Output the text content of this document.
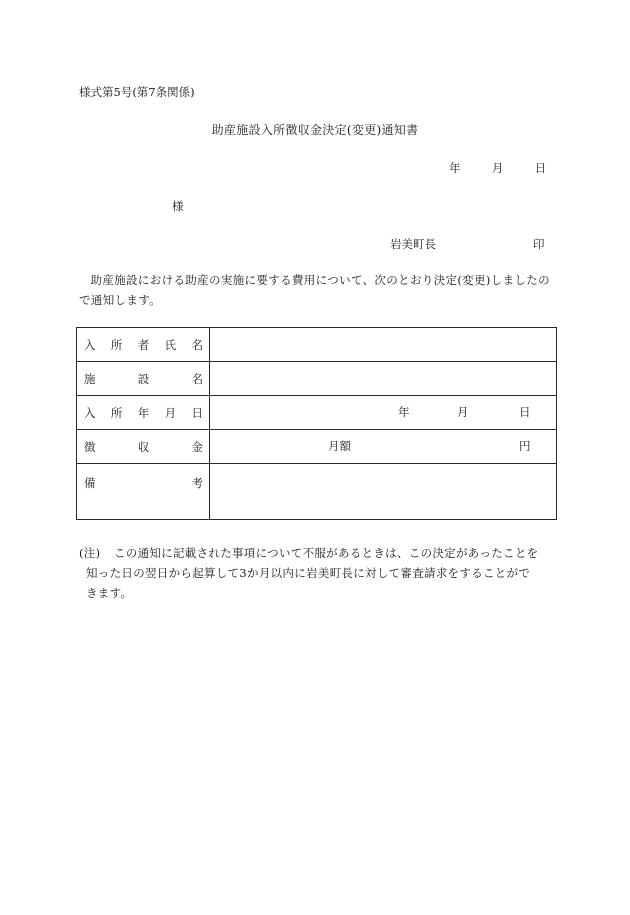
様式第5号(第7条関係)
助産施設入所徴収金決定(変更)通知書
年	月	日
様
岩美町長	印
助産施設における助産の実施に要する費用について、次のとおり決定(変更)しましたので通知します。
入 所 者 氏 名	

施 設 名	

入 所 年 月 日	年 月 日

徴 収 金	月額 円

備 考	

(注) この通知に記載された事項について不服があるときは、この決定があったことを
知った日の翌日から起算して3か月以内に岩美町長に対して審査請求をすることがで
きます。
